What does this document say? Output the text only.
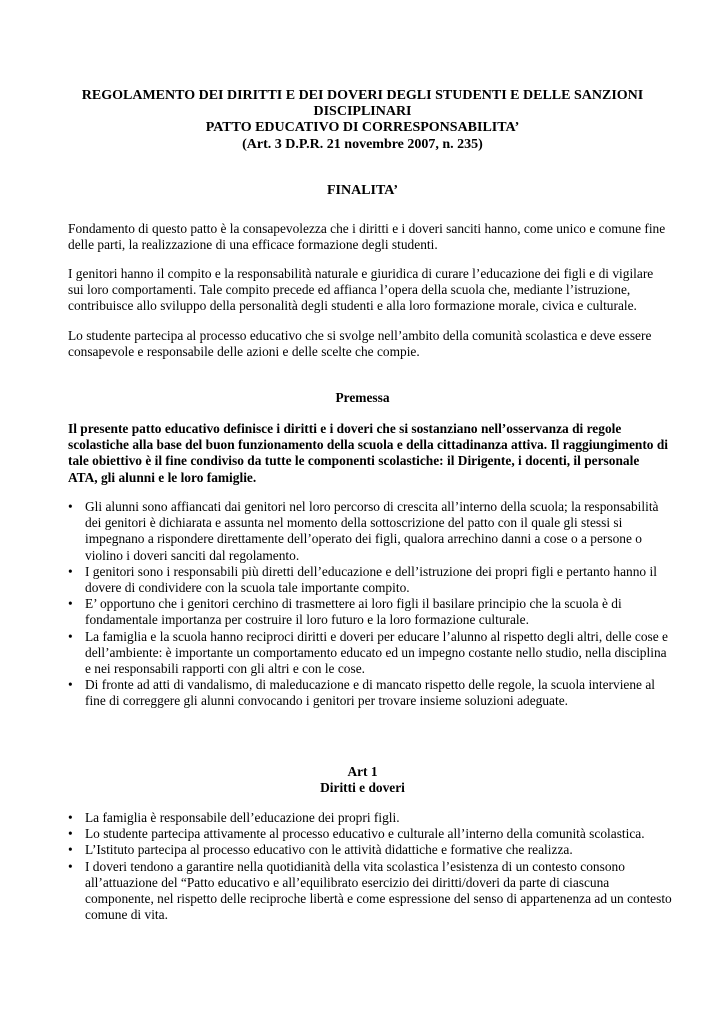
REGOLAMENTO DEI DIRITTI E DEI DOVERI DEGLI STUDENTI E DELLE SANZIONI
DISCIPLINARI
PATTO EDUCATIVO DI CORRESPONSABILITA’
(Art. 3 D.P.R. 21 novembre 2007, n. 235)
FINALITA’

Fondamento di questo patto è la consapevolezza che i diritti e i doveri sanciti hanno, come unico e comune fine delle parti, la realizzazione di una efficace formazione degli studenti.

I genitori hanno il compito e la responsabilità naturale e giuridica di curare l’educazione dei figli e di vigilare sui loro comportamenti. Tale compito precede ed affianca l’opera della scuola che, mediante l’istruzione, contribuisce allo sviluppo della personalità degli studenti e alla loro formazione morale, civica e culturale.

Lo studente partecipa al processo educativo che si svolge nell’ambito della comunità scolastica e deve essere consapevole e responsabile delle azioni e delle scelte che compie.

Premessa

Il presente patto educativo definisce i diritti e i doveri che si sostanziano nell’osservanza di regole scolastiche alla base del buon funzionamento della scuola e della cittadinanza attiva. Il raggiungimento di tale obiettivo è il fine condiviso da tutte le componenti scolastiche: il Dirigente, i docenti, il personale ATA, gli alunni e le loro famiglie.

• Gli alunni sono affiancati dai genitori nel loro percorso di crescita all’interno della scuola; la responsabilità dei genitori è dichiarata e assunta nel momento della sottoscrizione del patto con il quale gli stessi si impegnano a rispondere direttamente dell’operato dei figli, qualora arrechino danni a cose o a persone o violino i doveri sanciti dal regolamento.
• I genitori sono i responsabili più diretti dell’educazione e dell’istruzione dei propri figli e pertanto hanno il dovere di condividere con la scuola tale importante compito.
• E’ opportuno che i genitori cerchino di trasmettere ai loro figli il basilare principio che la scuola è di fondamentale importanza per costruire il loro futuro e la loro formazione culturale.
• La famiglia e la scuola hanno reciproci diritti e doveri per educare l’alunno al rispetto degli altri, delle cose e dell’ambiente: è importante un comportamento educato ed un impegno costante nello studio, nella disciplina e nei responsabili rapporti con gli altri e con le cose.
• Di fronte ad atti di vandalismo, di maleducazione e di mancato rispetto delle regole, la scuola interviene al fine di correggere gli alunni convocando i genitori per trovare insieme soluzioni adeguate.
Art 1
Diritti e doveri
• La famiglia è responsabile dell’educazione dei propri figli.
• Lo studente partecipa attivamente al processo educativo e culturale all’interno della comunità scolastica.
• L’Istituto partecipa al processo educativo con le attività didattiche e formative che realizza.
• I doveri tendono a garantire nella quotidianità della vita scolastica l’esistenza di un contesto consono all’attuazione del “Patto educativo e all’equilibrato esercizio dei diritti/doveri da parte di ciascuna componente, nel rispetto delle reciproche libertà e come espressione del senso di appartenenza ad un contesto comune di vita.
